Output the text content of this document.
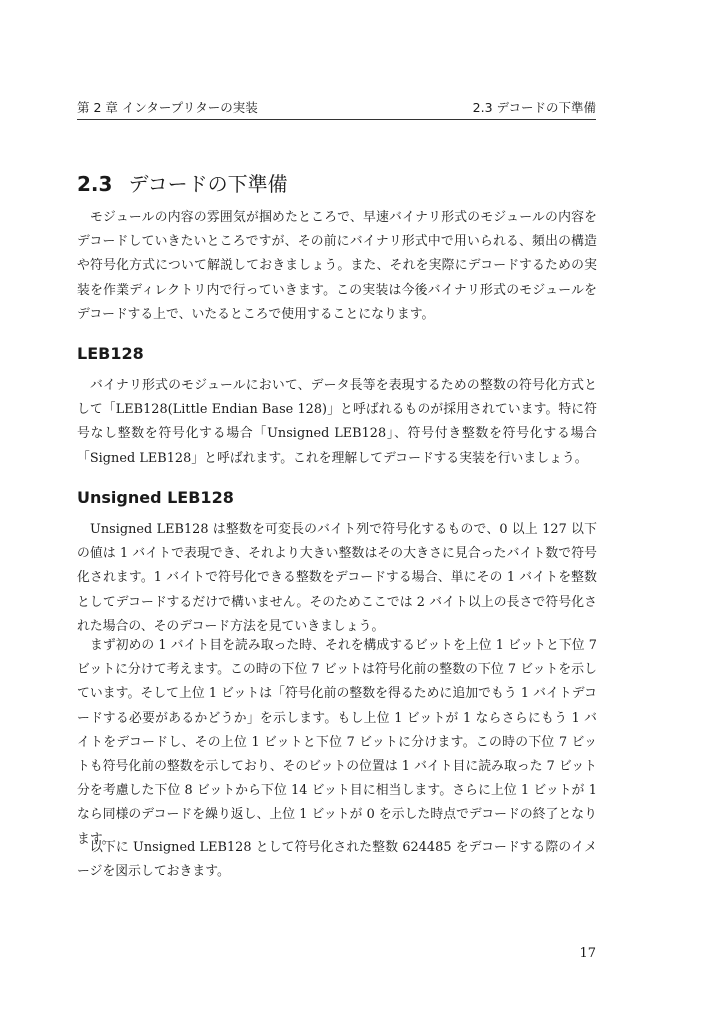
第 2 章 インタープリターの実装	2.3 デコードの下準備
2.3 デコードの下準備

モジュールの内容の雰囲気が掴めたところで、早速バイナリ形式のモジュールの内容をデコードしていきたいところですが、その前にバイナリ形式中で用いられる、頻出の構造や符号化方式について解説しておきましょう。また、それを実際にデコードするための実装を作業ディレクトリ内で行っていきます。この実装は今後バイナリ形式のモジュールをデコードする上で、いたるところで使用することになります。

LEB128

バイナリ形式のモジュールにおいて、データ長等を表現するための整数の符号化方式として「LEB128(Little Endian Base 128)」と呼ばれるものが採用されています。特に符号なし整数を符号化する場合「Unsigned LEB128」、符号付き整数を符号化する場合「Signed LEB128」と呼ばれます。これを理解してデコードする実装を行いましょう。

Unsigned LEB128

Unsigned LEB128 は整数を可変長のバイト列で符号化するもので、0 以上 127 以下の値は 1 バイトで表現でき、それより大きい整数はその大きさに見合ったバイト数で符号化されます。1 バイトで符号化できる整数をデコードする場合、単にその 1 バイトを整数としてデコードするだけで構いません。そのためここでは 2 バイト以上の長さで符号化された場合の、そのデコード方法を見ていきましょう。

まず初めの 1 バイト目を読み取った時、それを構成するビットを上位 1 ビットと下位 7 ビットに分けて考えます。この時の下位 7 ビットは符号化前の整数の下位 7 ビットを示しています。そして上位 1 ビットは「符号化前の整数を得るために追加でもう 1 バイトデコードする必要があるかどうか」を示します。もし上位 1 ビットが 1 ならさらにもう 1 バイトをデコードし、その上位 1 ビットと下位 7 ビットに分けます。この時の下位 7 ビットも符号化前の整数を示しており、そのビットの位置は 1 バイト目に読み取った 7 ビット分を考慮した下位 8 ビットから下位 14 ビット目に相当します。さらに上位 1 ビットが 1 なら同様のデコードを繰り返し、上位 1 ビットが 0 を示した時点でデコードの終了となります。

以下に Unsigned LEB128 として符号化された整数 624485 をデコードする際のイメージを図示しておきます。

17
